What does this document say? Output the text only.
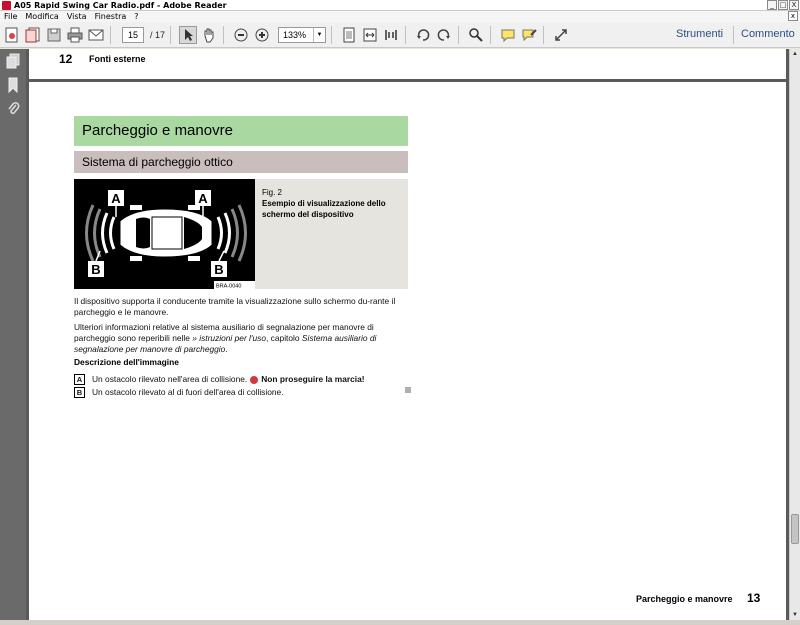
A05 Rapid Swing Car Radio.pdf - Adobe Reader	_ □ X
File Modifica Vista Finestra ?	x
15	/ 17	133%	▼	Strumenti Commento
12 Fonti esterne
Parcheggio e manovre
Sistema di parcheggio ottico
A	A
B	B
BRA-0040
Fig. 2
Esempio di visualizzazione dello schermo del dispositivo

Il dispositivo supporta il conducente tramite la visualizzazione sullo schermo du-rante il parcheggio e le manovre.

Ulteriori informazioni relative al sistema ausiliario di segnalazione per manovre di parcheggio sono reperibili nelle » istruzioni per l'uso, capitolo Sistema ausiliario di segnalazione per manovre di parcheggio.

Descrizione dell'immagine
A	Un ostacolo rilevato nell'area di collisione. Non proseguire la marcia!
B	Un ostacolo rilevato al di fuori dell'area di collisione.
Parcheggio e manovre 13
▲
▼
